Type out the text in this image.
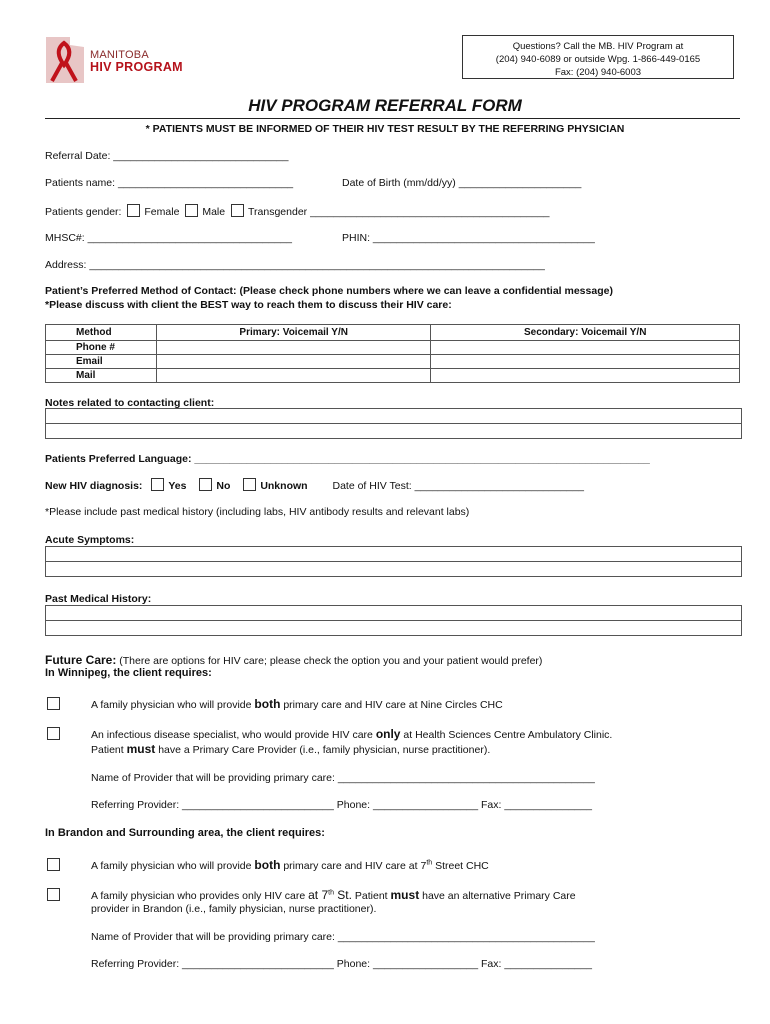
MANITOBA
HIV PROGRAM
Questions? Call the MB. HIV Program at
(204) 940-6089 or outside Wpg. 1-866-449-0165
Fax: (204) 940-6003
HIV PROGRAM REFERRAL FORM
* PATIENTS MUST BE INFORMED OF THEIR HIV TEST RESULT BY THE REFERRING PHYSICIAN
Referral Date: ______________________________
Patients name: ______________________________	Date of Birth (mm/dd/yy) _____________________
Patients gender: Female Male Transgender _________________________________________
MHSC#: ___________________________________	PHIN: ______________________________________
Address: ______________________________________________________________________________
Patient’s Preferred Method of Contact: (Please check phone numbers where we can leave a confidential message)
*Please discuss with client the BEST way to reach them to discuss their HIV care:
Method	Primary: Voicemail Y/N	Secondary: Voicemail Y/N
Phone #		
Email		
Mail		
Notes related to contacting client:
Patients Preferred Language: ______________________________________________________________________________
New HIV diagnosis: Yes	No	Unknown Date of HIV Test: _____________________________
*Please include past medical history (including labs, HIV antibody results and relevant labs)
Acute Symptoms:
Past Medical History:
Future Care: (There are options for HIV care; please check the option you and your patient would prefer)
In Winnipeg, the client requires:
A family physician who will provide both primary care and HIV care at Nine Circles CHC
An infectious disease specialist, who would provide HIV care only at Health Sciences Centre Ambulatory Clinic.
Patient must have a Primary Care Provider (i.e., family physician, nurse practitioner).
Name of Provider that will be providing primary care: ____________________________________________
Referring Provider: __________________________ Phone: __________________ Fax: _______________
In Brandon and Surrounding area, the client requires:
A family physician who will provide both primary care and HIV care at 7th Street CHC
A family physician who provides only HIV care at 7th St. Patient must have an alternative Primary Care
provider in Brandon (i.e., family physician, nurse practitioner).
Name of Provider that will be providing primary care: ____________________________________________
Referring Provider: __________________________ Phone: __________________ Fax: _______________
